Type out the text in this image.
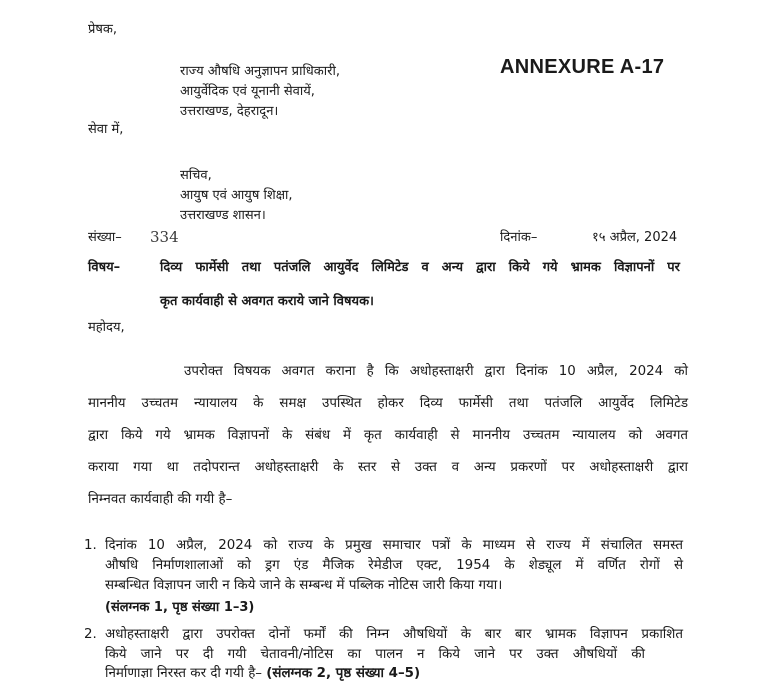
प्रेषक,
राज्य औषधि अनुज्ञापन प्राधिकारी,
आयुर्वेदिक एवं यूनानी सेवायें,
उत्तराखण्ड, देहरादून।
ANNEXURE A-17
सेवा में,
सचिव,
आयुष एवं आयुष शिक्षा,
उत्तराखण्ड शासन।
संख्या– 334	दिनांक–	१५ अप्रैल, 2024
विषय–	दिव्य फार्मेसी तथा पतंजलि आयुर्वेद लिमिटेड व अन्य द्वारा किये गये भ्रामक विज्ञापनों पर
कृत कार्यवाही से अवगत कराये जाने विषयक।
महोदय,
उपरोक्त विषयक अवगत कराना है कि अधोहस्ताक्षरी द्वारा दिनांक 10 अप्रैल, 2024 को
माननीय उच्चतम न्यायालय के समक्ष उपस्थित होकर दिव्य फार्मेसी तथा पतंजलि आयुर्वेद लिमिटेड
द्वारा किये गये भ्रामक विज्ञापनों के संबंध में कृत कार्यवाही से माननीय उच्चतम न्यायालय को अवगत
कराया गया था तदोपरान्त अधोहस्ताक्षरी के स्तर से उक्त व अन्य प्रकरणों पर अधोहस्ताक्षरी द्वारा
निम्नवत कार्यवाही की गयी है–
1. दिनांक 10 अप्रैल, 2024 को राज्य के प्रमुख समाचार पत्रों के माध्यम से राज्य में संचालित समस्त
औषधि निर्माणशालाओं को ड्रग एंड मैजिक रेमेडीज एक्ट, 1954 के शेड्यूल में वर्णित रोगों से
सम्बन्धित विज्ञापन जारी न किये जाने के सम्बन्ध में पब्लिक नोटिस जारी किया गया।
(संलग्नक 1, पृष्ठ संख्या 1–3)
2. अधोहस्ताक्षरी द्वारा उपरोक्त दोनों फर्मों की निम्न औषधियों के बार बार भ्रामक विज्ञापन प्रकाशित
किये जाने पर दी गयी चेतावनी/नोटिस का पालन न किये जाने पर उक्त औषधियों की
निर्माणाज्ञा निरस्त कर दी गयी है– (संलग्नक 2, पृष्ठ संख्या 4–5)
